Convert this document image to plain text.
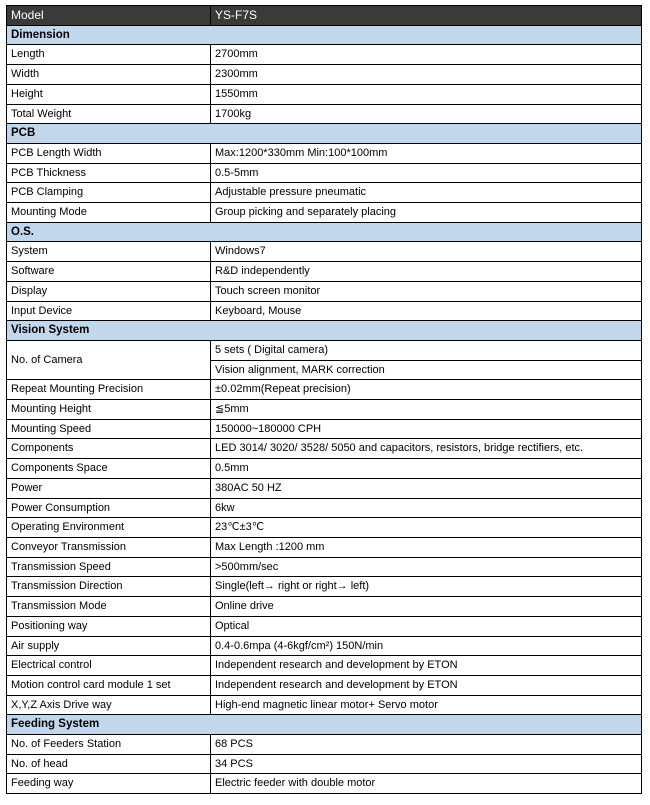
Model	YS-F7S
Dimension	
Length	2700mm
Width	2300mm
Height	1550mm
Total Weight	1700kg
PCB	
PCB Length Width	Max:1200*330mm Min:100*100mm
PCB Thickness	0.5-5mm
PCB Clamping	Adjustable pressure pneumatic
Mounting Mode	Group picking and separately placing
O.S.	
System	Windows7
Software	R&D independently
Display	Touch screen monitor
Input Device	Keyboard, Mouse
Vision System	
No. of Camera	5 sets ( Digital camera)
	Vision alignment, MARK correction
Repeat Mounting Precision	±0.02mm(Repeat precision)
Mounting Height	≦5mm
Mounting Speed	150000~180000 CPH
Components	LED 3014/ 3020/ 3528/ 5050 and capacitors, resistors, bridge rectifiers, etc.
Components Space	0.5mm
Power	380AC 50 HZ
Power Consumption	6kw
Operating Environment	23℃±3℃
Conveyor Transmission	Max Length :1200 mm
Transmission Speed	>500mm/sec
Transmission Direction	Single(left→ right or right→ left)
Transmission Mode	Online drive
Positioning way	Optical
Air supply	0.4-0.6mpa (4-6kgf/cm²) 150N/min
Electrical control	Independent research and development by ETON
Motion control card module 1 set	Independent research and development by ETON
X,Y,Z Axis Drive way	High-end magnetic linear motor+ Servo motor
Feeding System	
No. of Feeders Station	68 PCS
No. of head	34 PCS
Feeding way	Electric feeder with double motor
